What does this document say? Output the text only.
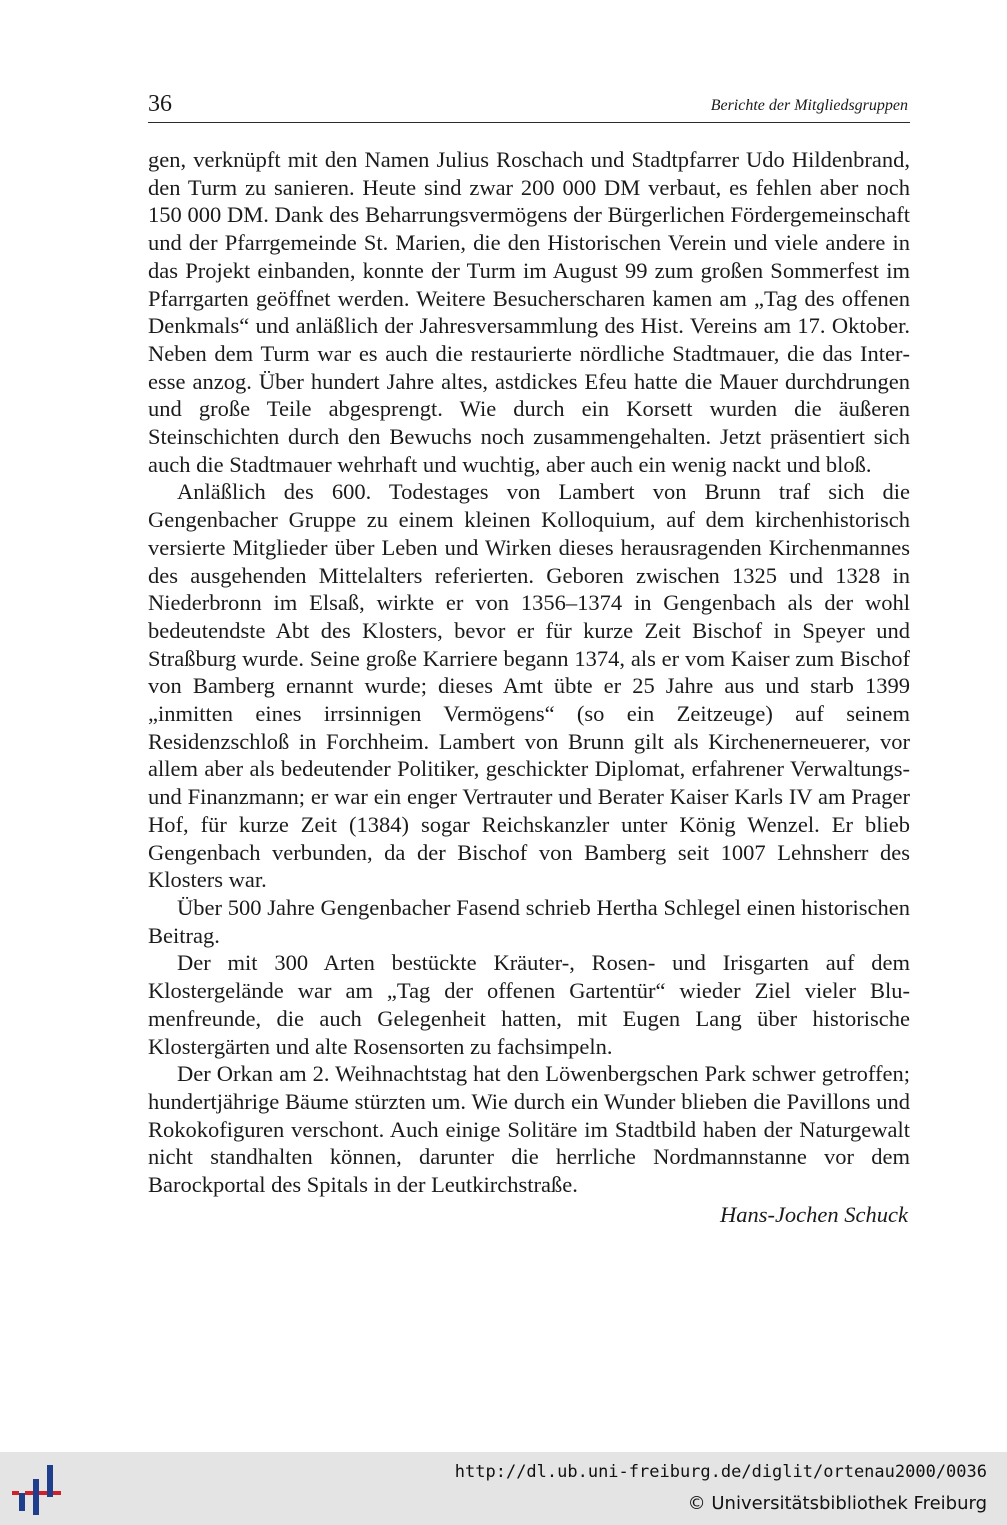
36	Berichte der Mitgliedsgruppen

gen, verknüpft mit den Namen Julius Roschach und Stadtpfarrer Udo Hildenbrand, den Turm zu sanieren. Heute sind zwar 200 000 DM verbaut, es fehlen aber noch 150 000 DM. Dank des Beharrungsvermögens der Bürgerlichen Fördergemeinschaft und der Pfarrgemeinde St. Marien, die den Historischen Verein und viele andere in das Projekt einbanden, konnte der Turm im August 99 zum großen Sommerfest im Pfarrgarten geöffnet werden. Weitere Besucherscharen kamen am „Tag des offenen Denkmals“ und anläßlich der Jahresversammlung des Hist. Vereins am 17. Oktober. Neben dem Turm war es auch die restaurierte nördliche Stadtmauer, die das Interesse anzog. Über hundert Jahre altes, astdickes Efeu hatte die Mauer durchdrungen und große Teile abgesprengt. Wie durch ein Korsett wurden die äußeren Steinschichten durch den Bewuchs noch zusammengehalten. Jetzt präsentiert sich auch die Stadtmauer wehrhaft und wuchtig, aber auch ein wenig nackt und bloß.

Anläßlich des 600. Todestages von Lambert von Brunn traf sich die Gengenbacher Gruppe zu einem kleinen Kolloquium, auf dem kirchenhistorisch versierte Mitglieder über Leben und Wirken dieses herausragenden Kirchenmannes des ausgehenden Mittelalters referierten. Geboren zwischen 1325 und 1328 in Niederbronn im Elsaß, wirkte er von 1356–1374 in Gengenbach als der wohl bedeutendste Abt des Klosters, bevor er für kurze Zeit Bischof in Speyer und Straßburg wurde. Seine große Karriere begann 1374, als er vom Kaiser zum Bischof von Bamberg ernannt wurde; dieses Amt übte er 25 Jahre aus und starb 1399 „inmitten eines irrsinnigen Vermögens“ (so ein Zeitzeuge) auf seinem Residenzschloß in Forchheim. Lambert von Brunn gilt als Kirchenerneuerer, vor allem aber als bedeutender Politiker, geschickter Diplomat, erfahrener Verwaltungs- und Finanzmann; er war ein enger Vertrauter und Berater Kaiser Karls IV am Prager Hof, für kurze Zeit (1384) sogar Reichskanzler unter König Wenzel. Er blieb Gengenbach verbunden, da der Bischof von Bamberg seit 1007 Lehnsherr des Klosters war.

Über 500 Jahre Gengenbacher Fasend schrieb Hertha Schlegel einen historischen Beitrag.

Der mit 300 Arten bestückte Kräuter-, Rosen- und Irisgarten auf dem Klostergelände war am „Tag der offenen Gartentür“ wieder Ziel vieler Blumenfreunde, die auch Gelegenheit hatten, mit Eugen Lang über historische Klostergärten und alte Rosensorten zu fachsimpeln.

Der Orkan am 2. Weihnachtstag hat den Löwenbergschen Park schwer getroffen; hundertjährige Bäume stürzten um. Wie durch ein Wunder blieben die Pavillons und Rokokofiguren verschont. Auch einige Solitäre im Stadtbild haben der Naturgewalt nicht standhalten können, darunter die herrliche Nordmannstanne vor dem Barockportal des Spitals in der Leutkirchstraße.

Hans-Jochen Schuck

http://dl.ub.uni-freiburg.de/diglit/ortenau2000/0036
© Universitätsbibliothek Freiburg
